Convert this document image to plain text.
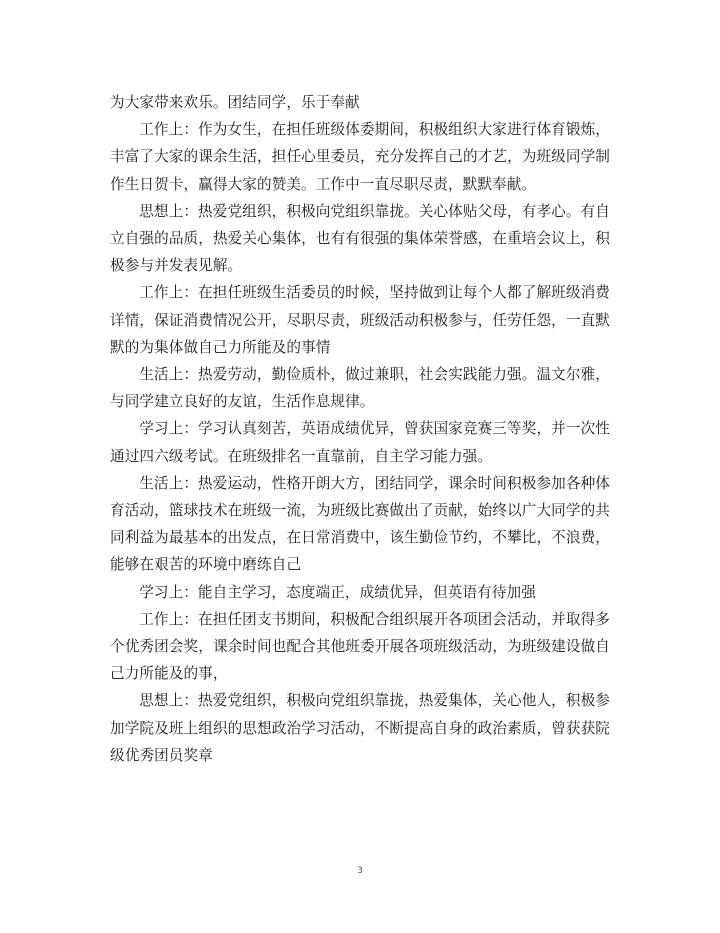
为大家带来欢乐。团结同学，乐于奉献

工作上：作为女生，在担任班级体委期间，积极组织大家进行体育锻炼，丰富了大家的课余生活，担任心里委员，充分发挥自己的才艺，为班级同学制作生日贺卡，赢得大家的赞美。工作中一直尽职尽责，默默奉献。

思想上：热爱党组织，积极向党组织靠拢。关心体贴父母，有孝心。有自立自强的品质，热爱关心集体，也有有很强的集体荣誉感，在重培会议上，积极参与并发表见解。

工作上：在担任班级生活委员的时候，坚持做到让每个人都了解班级消费详情，保证消费情况公开，尽职尽责，班级活动积极参与，任劳任怨，一直默默的为集体做自己力所能及的事情

生活上：热爱劳动，勤俭质朴，做过兼职，社会实践能力强。温文尔雅，与同学建立良好的友谊，生活作息规律。

学习上：学习认真刻苦，英语成绩优异，曾获国家竞赛三等奖，并一次性通过四六级考试。在班级排名一直靠前，自主学习能力强。

生活上：热爱运动，性格开朗大方，团结同学，课余时间积极参加各种体育活动，篮球技术在班级一流，为班级比赛做出了贡献，始终以广大同学的共同利益为最基本的出发点，在日常消费中，该生勤俭节约，不攀比，不浪费，能够在艰苦的环境中磨练自己

学习上：能自主学习，态度端正，成绩优异，但英语有待加强

工作上：在担任团支书期间，积极配合组织展开各项团会活动，并取得多个优秀团会奖，课余时间也配合其他班委开展各项班级活动，为班级建设做自己力所能及的事，

思想上：热爱党组织，积极向党组织靠拢，热爱集体，关心他人，积极参加学院及班上组织的思想政治学习活动，不断提高自身的政治素质，曾获获院级优秀团员奖章

3
